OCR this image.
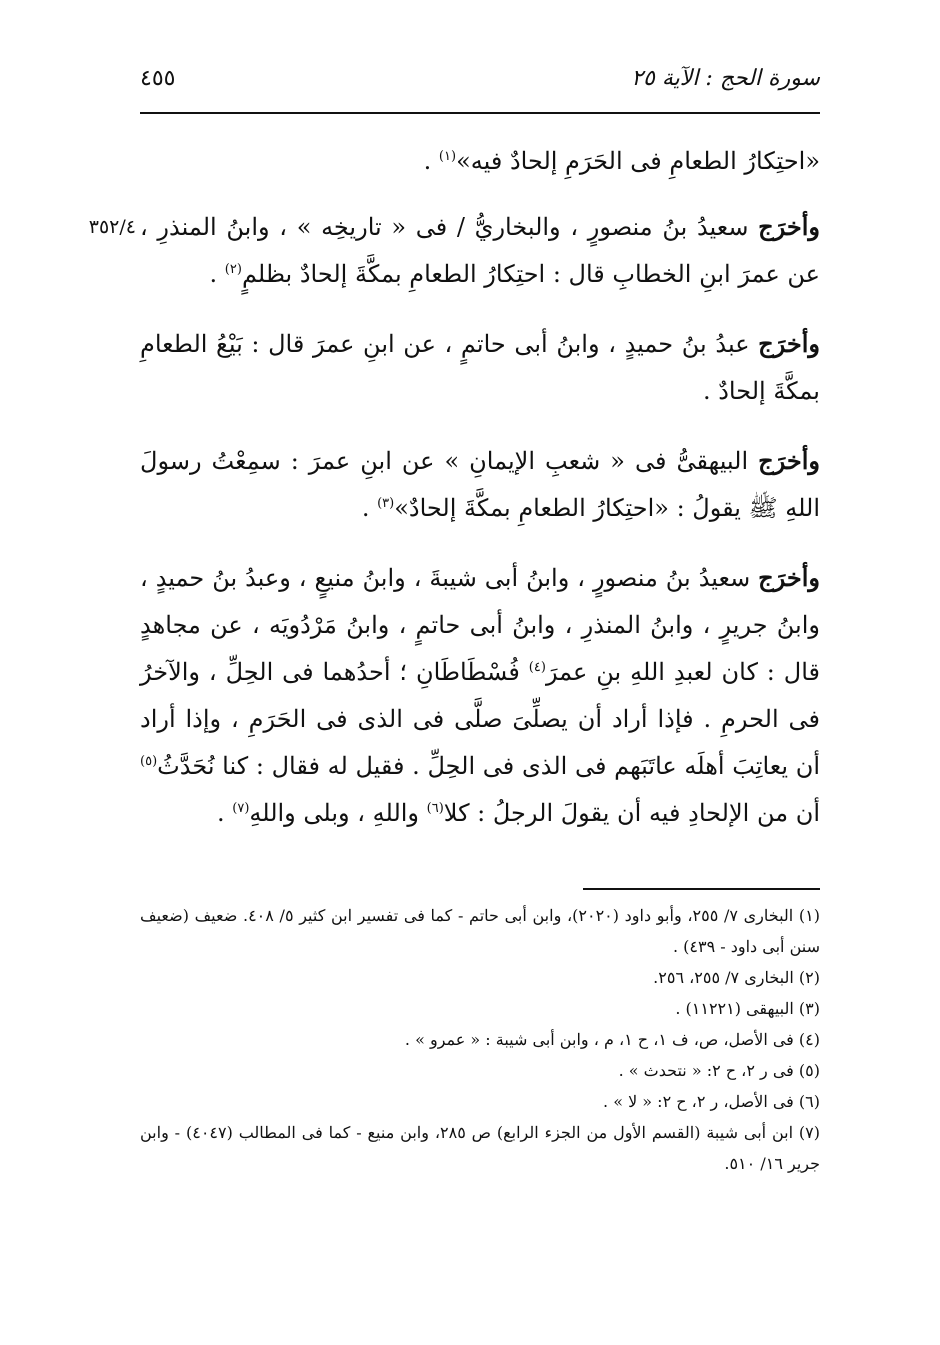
سورة الحج : الآية ٢٥
٤٥٥
٣٥٢/٤

«احتِكارُ الطعامِ فى الحَرَمِ إلحادٌ فيه»$^{(١)}$ .

وأخرَج سعيدُ بنُ منصورٍ ، والبخاريُّ / فى « تاريخِه » ، وابنُ المنذرِ ، عن عمرَ ابنِ الخطابِ قال : احتِكارُ الطعامِ بمكَّةَ إلحادٌ بظلمٍ$^{(٢)}$ .

وأخرَج عبدُ بنُ حميدٍ ، وابنُ أبى حاتمٍ ، عن ابنِ عمرَ قال : بَيْعُ الطعامِ بمكَّةَ إلحادٌ .

وأخرَج البيهقىُّ فى « شعبِ الإيمانِ » عن ابنِ عمرَ : سمِعْتُ رسولَ اللهِ ﷺ يقولُ : «احتِكارُ الطعامِ بمكَّةَ إلحادٌ»$^{(٣)}$ .

وأخرَج سعيدُ بنُ منصورٍ ، وابنُ أبى شيبةَ ، وابنُ منيعٍ ، وعبدُ بنُ حميدٍ ، وابنُ جريرٍ ، وابنُ المنذرِ ، وابنُ أبى حاتمٍ ، وابنُ مَرْدُويَه ، عن مجاهدٍ قال : كان لعبدِ اللهِ بنِ عمرَ$^{(٤)}$ فُسْطَاطَانِ ؛ أحدُهما فى الحِلِّ ، والآخرُ فى الحرمِ . فإذا أراد أن يصلِّىَ صلَّى فى الذى فى الحَرَمِ ، وإذا أراد أن يعاتِبَ أهلَه عاتَبَهم فى الذى فى الحِلِّ . فقيل له فقال : كنا نُحَدَّثُ$^{(٥)}$ أن من الإلحادِ فيه أن يقولَ الرجلُ : كلا$^{(٦)}$ واللهِ ، وبلى واللهِ$^{(٧)}$ .

(١) البخارى ٧/ ٢٥٥، وأبو داود (٢٠٢٠)، وابن أبى حاتم - كما فى تفسير ابن كثير ٥/ ٤٠٨. ضعيف (ضعيف سنن أبى داود - ٤٣٩) .
(٢) البخارى ٧/ ٢٥٥، ٢٥٦.
(٣) البيهقى (١١٢٢١) .
(٤) فى الأصل، ص، ف ١، ح ١، م ، وابن أبى شيبة : « عمرو » .
(٥) فى ر ٢، ح ٢: « نتحدث » .
(٦) فى الأصل، ر ٢، ح ٢: « لا » .
(٧) ابن أبى شيبة (القسم الأول من الجزء الرابع) ص ٢٨٥، وابن منيع - كما فى المطالب (٤٠٤٧) - وابن جرير ١٦/ ٥١٠.
